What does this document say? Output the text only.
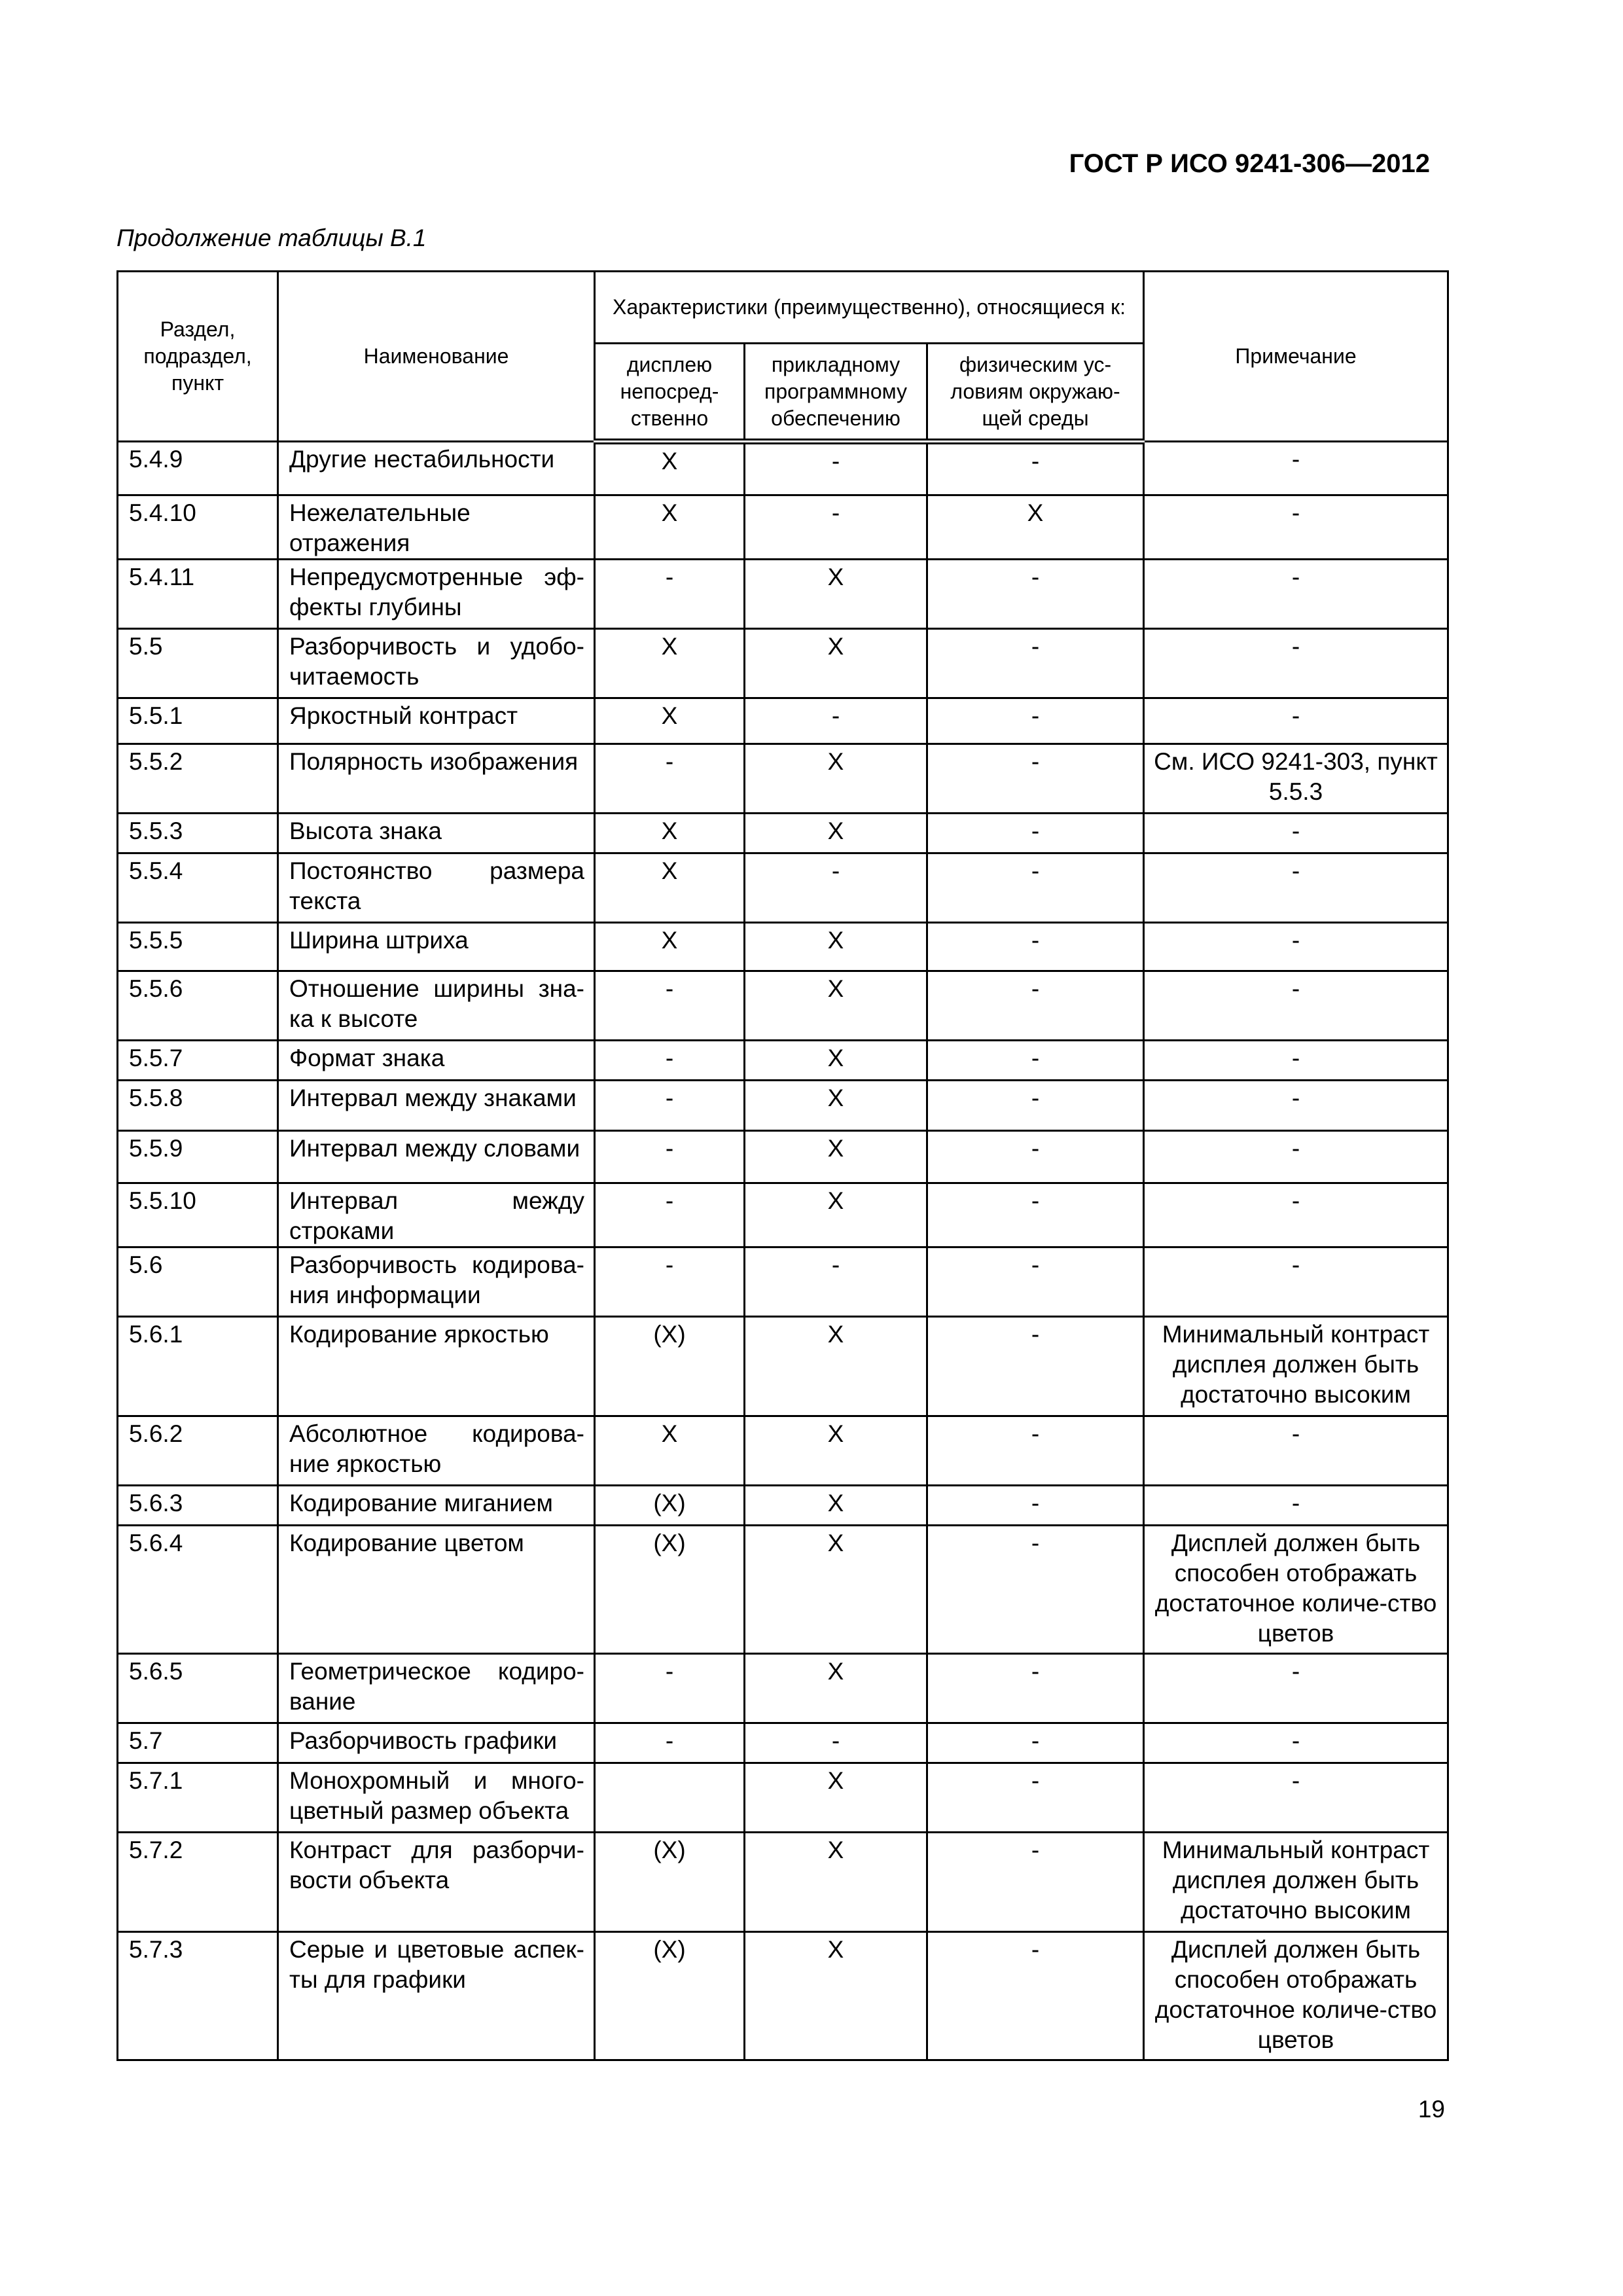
ГОСТ Р ИСО 9241-306—2012
Продолжение таблицы В.1
Раздел, подраздел, пункт	Наименование	Характеристики (преимущественно), относящиеся к:			Примечание
		дисплею непосред-ственно	прикладному программному обеспечению	физическим ус-ловиям окружаю-щей среды	
5.4.9	Другие нестабильности	X	-	-	-
5.4.10	Нежелательные отражения	X	-	X	-
5.4.11	Непредусмотренные эф-фекты глубины	-	X	-	-
5.5	Разборчивость и удобо-читаемость	X	X	-	-
5.5.1	Яркостный контраст	X	-	-	-
5.5.2	Полярность изображения	-	X	-	См. ИСО 9241-303, пункт 5.5.3
5.5.3	Высота знака	X	X	-	-
5.5.4	Постоянство размера текста	X	-	-	-
5.5.5	Ширина штриха	X	X	-	-
5.5.6	Отношение ширины зна-ка к высоте	-	X	-	-
5.5.7	Формат знака	-	X	-	-
5.5.8	Интервал между знаками	-	X	-	-
5.5.9	Интервал между словами	-	X	-	-
5.5.10	Интервал между строками	-	X	-	-
5.6	Разборчивость кодирова-ния информации	-	-	-	-
5.6.1	Кодирование яркостью	(X)	X	-	Минимальный контраст дисплея должен быть достаточно высоким
5.6.2	Абсолютное кодирова-ние яркостью	X	X	-	-
5.6.3	Кодирование миганием	(X)	X	-	-
5.6.4	Кодирование цветом	(X)	X	-	Дисплей должен быть способен отображать достаточное количе-ство цветов
5.6.5	Геометрическое кодиро-вание	-	X	-	-
5.7	Разборчивость графики	-	-	-	-
5.7.1	Монохромный и много-цветный размер объекта		X	-	-
5.7.2	Контраст для разборчи-вости объекта	(X)	X	-	Минимальный контраст дисплея должен быть достаточно высоким
5.7.3	Серые и цветовые аспек-ты для графики	(X)	X	-	Дисплей должен быть способен отображать достаточное количе-ство цветов
19
